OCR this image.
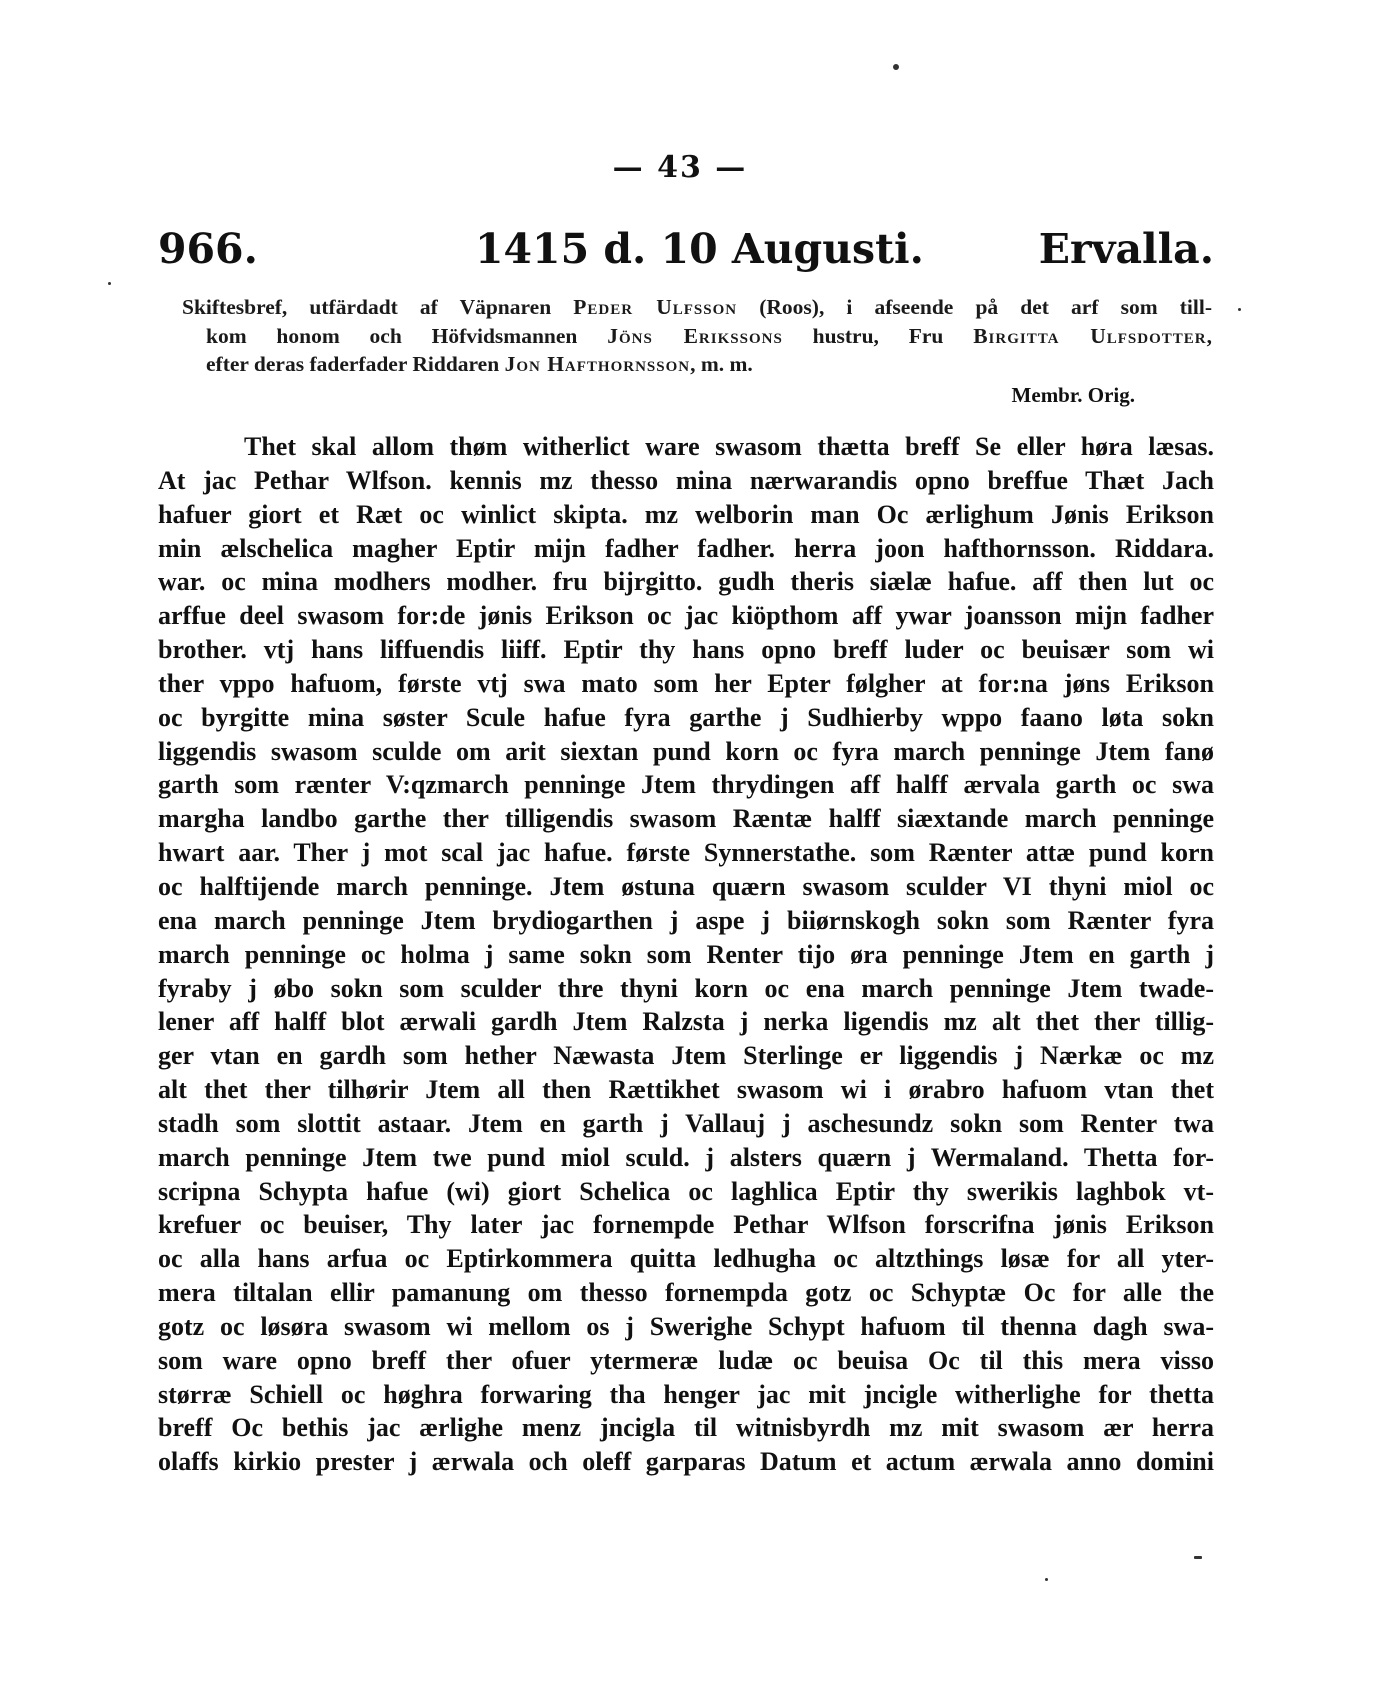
— 43 —
966.	1415 d. 10 Augusti.	Ervalla.
Skiftesbref, utfärdadt af Väpnaren Peder Ulfsson (Roos), i afseende på det arf som till-
kom honom och Höfvidsmannen Jöns Erikssons hustru, Fru Birgitta Ulfsdotter,
efter deras faderfader Riddaren Jon Hafthornsson, m. m.
Membr. Orig.
Thet skal allom thøm witherlict ware swasom thætta breff Se eller høra læsas.
At jac Pethar Wlfson. kennis mz thesso mina nærwarandis opno breffue Thæt Jach
hafuer giort et Ræt oc winlict skipta. mz welborin man Oc ærlighum Jønis Erikson
min ælschelica magher Eptir mijn fadher fadher. herra joon hafthornsson. Riddara.
war. oc mina modhers modher. fru bijrgitto. gudh theris siælæ hafue. aff then lut oc
arffue deel swasom for:de jønis Erikson oc jac kiöpthom aff ywar joansson mijn fadher
brother. vtj hans liffuendis liiff. Eptir thy hans opno breff luder oc beuisær som wi
ther vppo hafuom, første vtj swa mato som her Epter følgher at for:na jøns Erikson
oc byrgitte mina søster Scule hafue fyra garthe j Sudhierby wppo faano løta sokn
liggendis swasom sculde om arit siextan pund korn oc fyra march penninge Jtem fanø
garth som rænter V:qzmarch penninge Jtem thrydingen aff halff ærvala garth oc swa
margha landbo garthe ther tilligendis swasom Ræntæ halff siæxtande march penninge
hwart aar. Ther j mot scal jac hafue. første Synnerstathe. som Rænter attæ pund korn
oc halftijende march penninge. Jtem østuna quærn swasom sculder VI thyni miol oc
ena march penninge Jtem brydiogarthen j aspe j biiørnskogh sokn som Rænter fyra
march penninge oc holma j same sokn som Renter tijo øra penninge Jtem en garth j
fyraby j øbo sokn som sculder thre thyni korn oc ena march penninge Jtem twade-
lener aff halff blot ærwali gardh Jtem Ralzsta j nerka ligendis mz alt thet ther tillig-
ger vtan en gardh som hether Næwasta Jtem Sterlinge er liggendis j Nærkæ oc mz
alt thet ther tilhørir Jtem all then Rættikhet swasom wi i ørabro hafuom vtan thet
stadh som slottit astaar. Jtem en garth j Vallauj j aschesundz sokn som Renter twa
march penninge Jtem twe pund miol sculd. j alsters quærn j Wermaland. Thetta for-
scripna Schypta hafue (wi) giort Schelica oc laghlica Eptir thy swerikis laghbok vt-
krefuer oc beuiser, Thy later jac fornempde Pethar Wlfson forscrifna jønis Erikson
oc alla hans arfua oc Eptirkommera quitta ledhugha oc altzthings løsæ for all yter-
mera tiltalan ellir pamanung om thesso fornempda gotz oc Schyptæ Oc for alle the
gotz oc løsøra swasom wi mellom os j Swerighe Schypt hafuom til thenna dagh swa-
som ware opno breff ther ofuer ytermeræ ludæ oc beuisa Oc til this mera visso
størræ Schiell oc høghra forwaring tha henger jac mit jncigle witherlighe for thetta
breff Oc bethis jac ærlighe menz jncigla til witnisbyrdh mz mit swasom ær herra
olaffs kirkio prester j ærwala och oleff garparas Datum et actum ærwala anno domini
